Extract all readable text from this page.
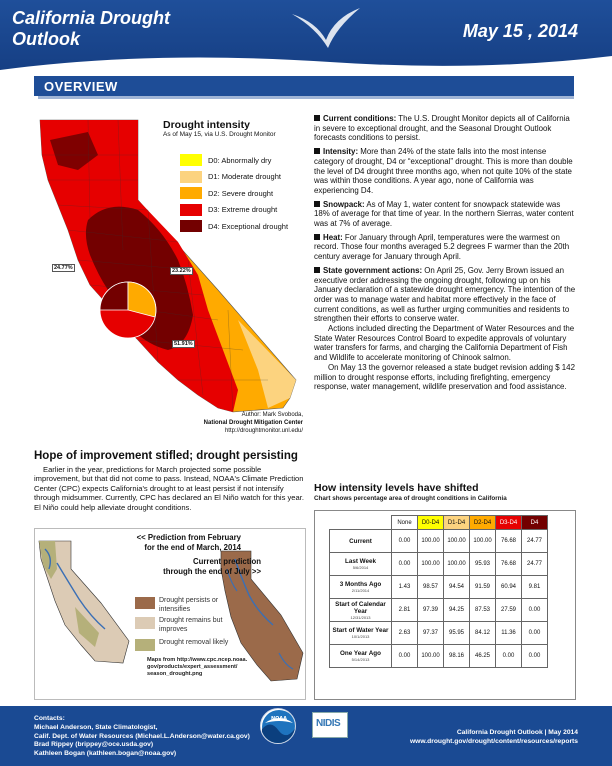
California Drought
Outlook	May 15 , 2014
OVERVIEW
24.77%	23.22%
51.91%
Drought intensity
As of May 15, via U.S. Drought Monitor
D0: Abnormally dry
D1: Moderate drought
D2: Severe drought
D3: Extreme drought
D4: Exceptional drought
Author: Mark Svoboda,
National Drought Mitigation Center
http://droughtmonitor.unl.edu/
Hope of improvement stifled; drought persisting
Earlier in the year, predictions for March projected some possible improvement, but that did not come to pass. Instead, NOAA's Climate Prediction Center (CPC) expects California's drought to at least persist if not intensify through midsummer. Currently, CPC has declared an El Niño watch for this year. El Niño could help alleviate drought conditions.
<< Prediction from February
for the end of March, 2014
Current prediction
through the end of July >>
Drought persists or intensifies
Drought remains but improves
Drought removal likely
Maps from http://www.cpc.ncep.noaa.
gov/products/expert_assessment/
season_drought.png

Current conditions: The U.S. Drought Monitor depicts all of California in severe to exceptional drought, and the Seasonal Drought Outlook forecasts conditions to persist.

Intensity: More than 24% of the state falls into the most intense category of drought, D4 or “exceptional” drought. This is more than double the level of D4 drought three months ago, when not quite 10% of the state was within those conditions. A year ago, none of California was experiencing D4.

Snowpack: As of May 1, water content for snowpack statewide was 18% of average for that time of year. In the northern Sierras, water content was at 7% of average.

Heat: For January through April, temperatures were the warmest on record. Those four months averaged 5.2 degrees F warmer than the 20th century average for January through April.

State government actions: On April 25, Gov. Jerry Brown issued an executive order addressing the ongoing drought, following up on his January declaration of a statewide drought emergency. The intention of the order was to manage water and habitat more effectively in the face of current conditions, as well as further urging communities and residents to strengthen their efforts to conserve water.

Actions included directing the Department of Water Resources and the State Water Resources Control Board to expedite approvals of voluntary water transfers for farms, and charging the California Department of Fish and Wildlife to accelerate monitoring of Chinook salmon.

On May 13 the governor released a state budget revision adding $ 142 million to drought response efforts, including firefighting, emergency response, water management, wildlife preservation and food assistance.

How intensity levels have shifted
Chart shows percentage area of drought conditions in California
	None	D0-D4	D1-D4	D2-D4	D3-D4	D4

Current	0.00	100.00	100.00	100.00	76.68	24.77

Last Week
5/6/2014	0.00	100.00	100.00	95.93	76.68	24.77

3 Months Ago
2/11/2014	1.43	98.57	94.54	91.59	60.94	9.81

Start of Calendar Year
12/31/2013	2.81	97.39	94.25	87.53	27.59	0.00

Start of Water Year
10/1/2013	2.63	97.37	95.95	84.12	11.36	0.00

One Year Ago
5/14/2013	0.00	100.00	98.16	46.25	0.00	0.00
Contacts:
Michael Anderson, State Climatologist,
Calif. Dept. of Water Resources (Michael.L.Anderson@water.ca.gov)
Brad Rippey (brippey@oce.usda.gov)
Kathleen Bogan (kathleen.bogan@noaa.gov)
NOAA	NIDIS
California Drought Outlook | May 2014
www.drought.gov/drought/content/resources/reports
